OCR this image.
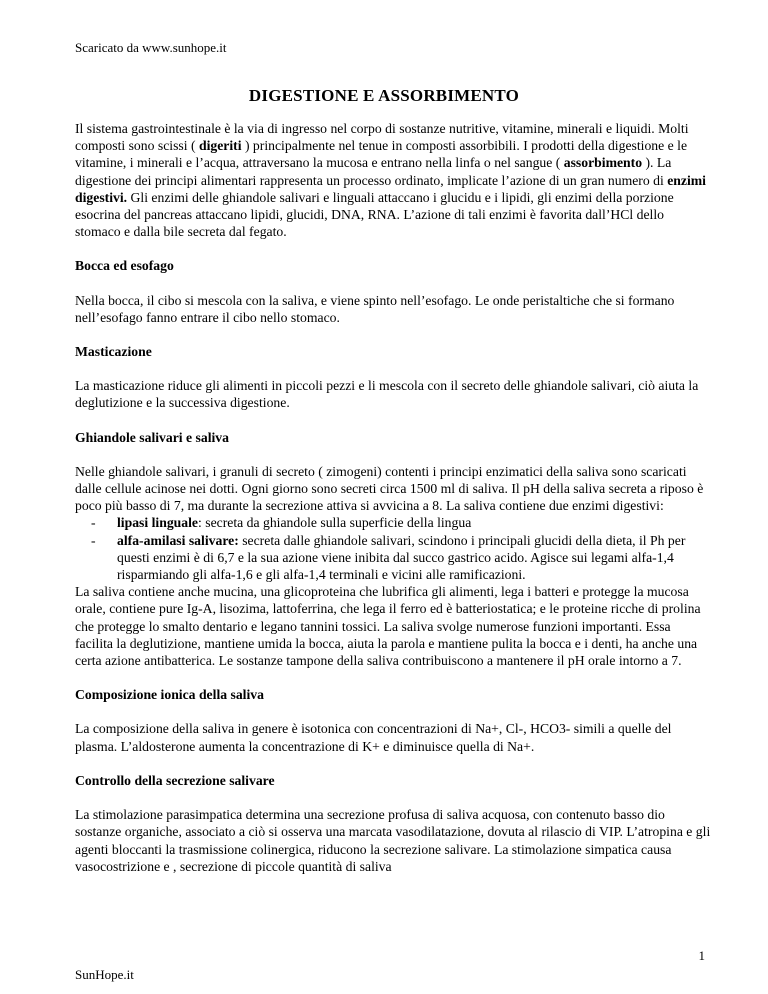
Scaricato da www.sunhope.it
DIGESTIONE E ASSORBIMENTO

Il sistema gastrointestinale è la via di ingresso nel corpo di sostanze nutritive, vitamine, minerali e liquidi. Molti composti sono scissi ( digeriti ) principalmente nel tenue in composti assorbibili. I prodotti della digestione e le vitamine, i minerali e l’acqua, attraversano la mucosa e entrano nella linfa o nel sangue ( assorbimento ). La digestione dei principi alimentari rappresenta un processo ordinato, implicate l’azione di un gran numero di enzimi digestivi. Gli enzimi delle ghiandole salivari e linguali attaccano i glucidu e i lipidi, gli enzimi della porzione esocrina del pancreas attaccano lipidi, glucidi, DNA, RNA. L’azione di tali enzimi è favorita dall’HCl dello stomaco e dalla bile secreta dal fegato.

Bocca ed esofago

Nella bocca, il cibo si mescola con la saliva, e viene spinto nell’esofago. Le onde peristaltiche che si formano nell’esofago fanno entrare il cibo nello stomaco.

Masticazione

La masticazione riduce gli alimenti in piccoli pezzi e li mescola con il secreto delle ghiandole salivari, ciò aiuta la deglutizione e la successiva digestione.

Ghiandole salivari e saliva

Nelle ghiandole salivari, i granuli di secreto ( zimogeni) contenti i principi enzimatici della saliva sono scaricati dalle cellule acinose nei dotti. Ogni giorno sono secreti circa 1500 ml di saliva. Il pH della saliva secreta a riposo è poco più basso di 7, ma durante la secrezione attiva si avvicina a 8. La saliva contiene due enzimi digestivi:

- lipasi linguale: secreta da ghiandole sulla superficie della lingua
- alfa-amilasi salivare: secreta dalle ghiandole salivari, scindono i principali glucidi della dieta, il Ph per questi enzimi è di 6,7 e la sua azione viene inibita dal succo gastrico acido. Agisce sui legami alfa-1,4 risparmiando gli alfa-1,6 e gli alfa-1,4 terminali e vicini alle ramificazioni.

La saliva contiene anche mucina, una glicoproteina che lubrifica gli alimenti, lega i batteri e protegge la mucosa orale, contiene pure Ig-A, lisozima, lattoferrina, che lega il ferro ed è batteriostatica; e le proteine ricche di prolina che protegge lo smalto dentario e legano tannini tossici. La saliva svolge numerose funzioni importanti. Essa facilita la deglutizione, mantiene umida la bocca, aiuta la parola e mantiene pulita la bocca e i denti, ha anche una certa azione antibatterica. Le sostanze tampone della saliva contribuiscono a mantenere il pH orale intorno a 7.

Composizione ionica della saliva

La composizione della saliva in genere è isotonica con concentrazioni di Na+, Cl-, HCO3- simili a quelle del plasma. L’aldosterone aumenta la concentrazione di K+ e diminuisce quella di Na+.

Controllo della secrezione salivare

La stimolazione parasimpatica determina una secrezione profusa di saliva acquosa, con contenuto basso dio sostanze organiche, associato a ciò si osserva una marcata vasodilatazione, dovuta al rilascio di VIP. L’atropina e gli agenti bloccanti la trasmissione colinergica, riducono la secrezione salivare. La stimolazione simpatica causa vasocostrizione e , secrezione di piccole quantità di saliva

1
SunHope.it
